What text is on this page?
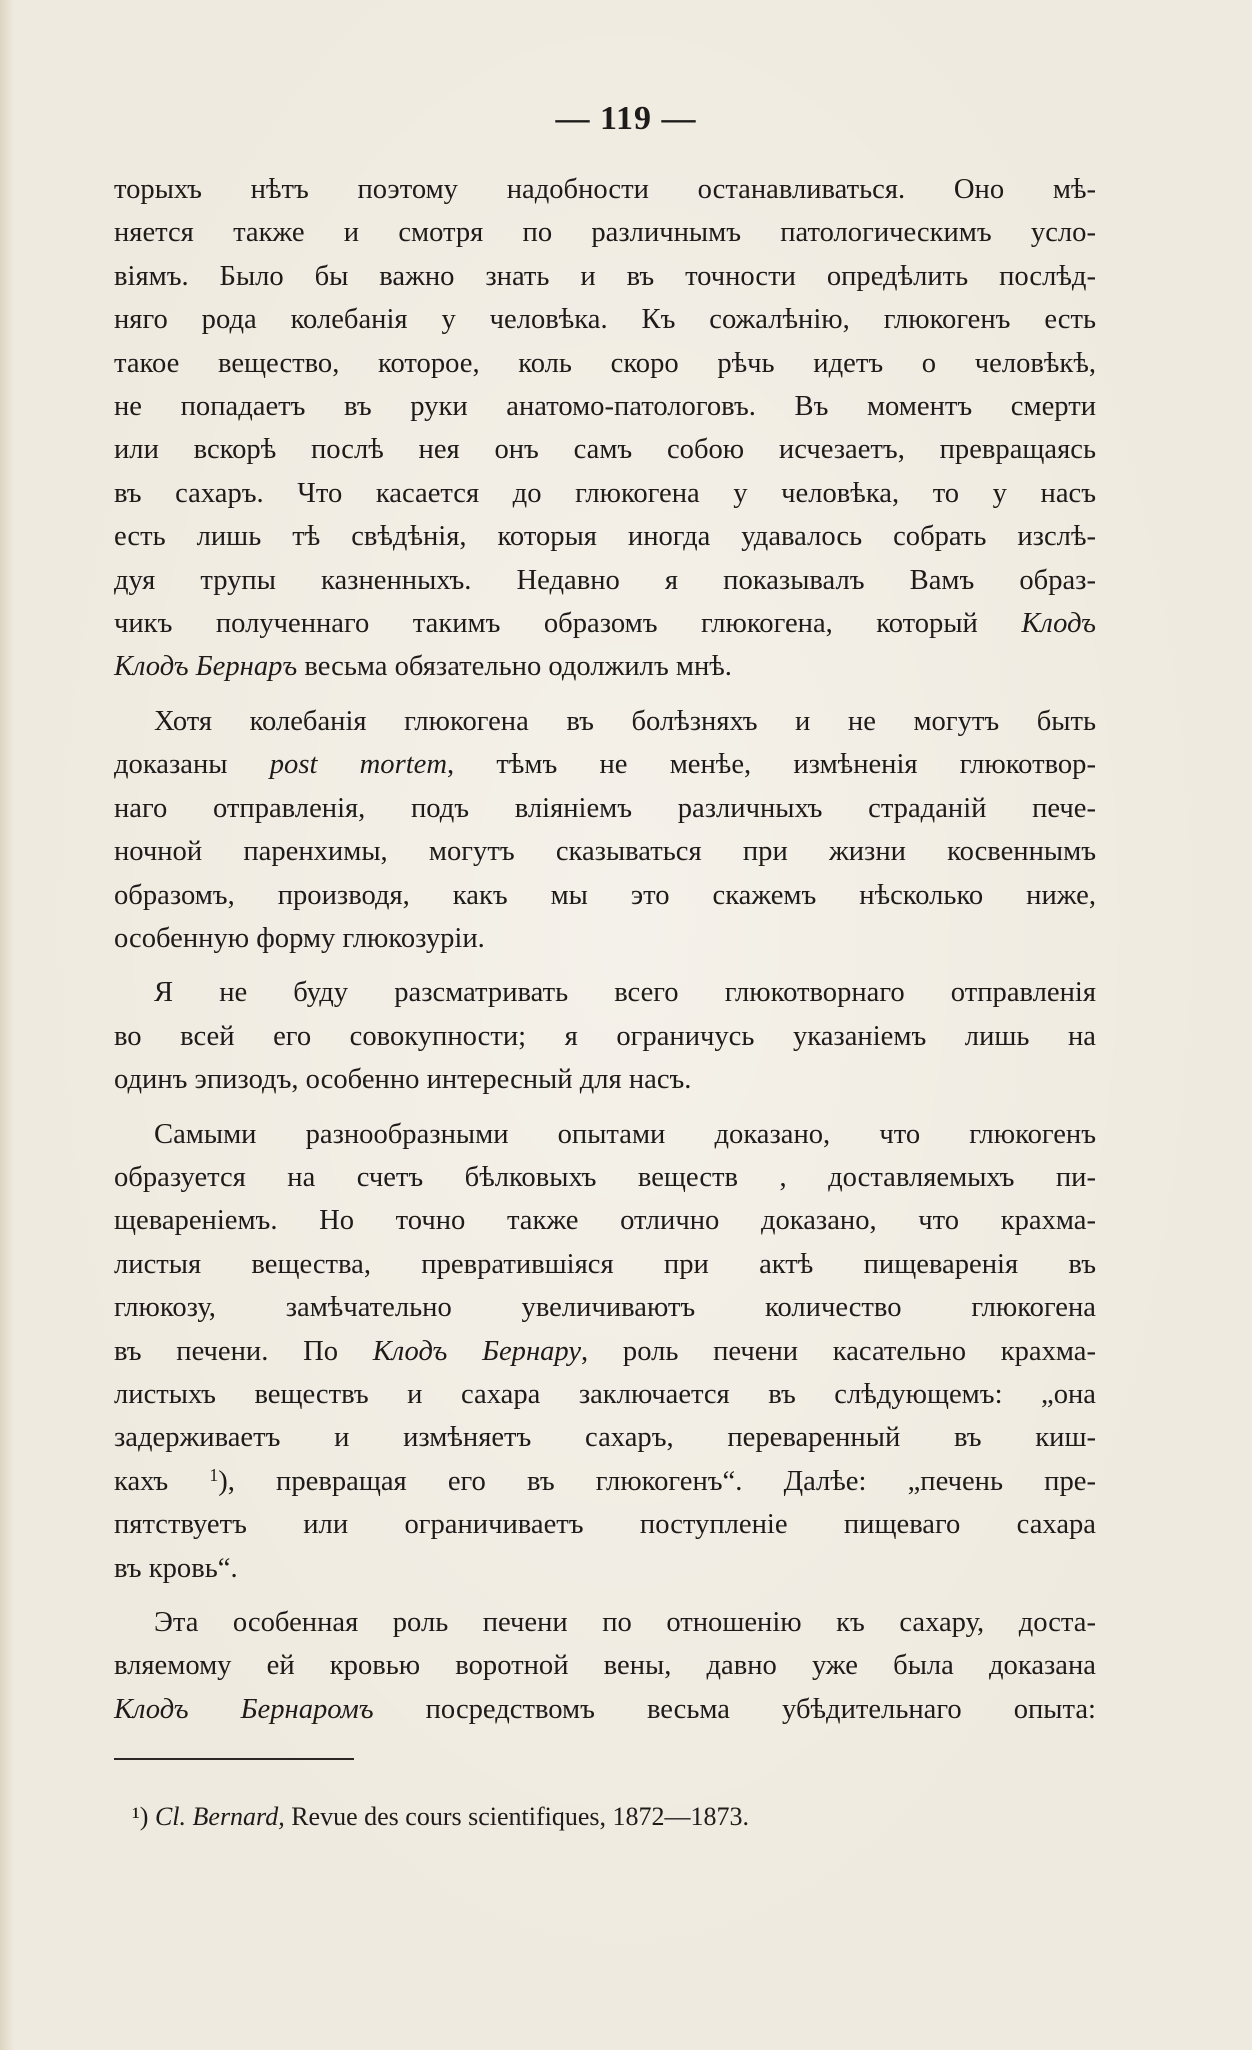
— 119 —
торыхъ нѣтъ поэтому надобности останавливаться. Оно мѣ-
няется также и смотря по различнымъ патологическимъ усло-
віямъ. Было бы важно знать и въ точности опредѣлить послѣд-
няго рода колебанія у человѣка. Къ сожалѣнію, глюкогенъ есть
такое вещество, которое, коль скоро рѣчь идетъ о человѣкѣ,
не попадаетъ въ руки анатомо-патологовъ. Въ моментъ смерти
или вскорѣ послѣ нея онъ самъ собою исчезаетъ, превращаясь
въ сахаръ. Что касается до глюкогена у человѣка, то у насъ
есть лишь тѣ свѣдѣнія, которыя иногда удавалось собрать изслѣ-
дуя трупы казненныхъ. Недавно я показывалъ Вамъ образ-
чикъ полученнаго такимъ образомъ глюкогена, который Клодъ
Клодъ Бернаръ весьма обязательно одолжилъ мнѣ.
Хотя колебанія глюкогена въ болѣзняхъ и не могутъ быть
доказаны post mortem, тѣмъ не менѣе, измѣненія глюкотвор-
наго отправленія, подъ вліяніемъ различныхъ страданій пече-
ночной паренхимы, могутъ сказываться при жизни косвеннымъ
образомъ, производя, какъ мы это скажемъ нѣсколько ниже,
особенную форму глюкозуріи.
Я не буду разсматривать всего глюкотворнаго отправленія
во всей его совокупности; я ограничусь указаніемъ лишь на
одинъ эпизодъ, особенно интересный для насъ.
Самыми разнообразными опытами доказано, что глюкогенъ
образуется на счетъ бѣлковыхъ веществ , доставляемыхъ пи-
щевареніемъ. Но точно также отлично доказано, что крахма-
листыя вещества, превратившіяся при актѣ пищеваренія въ
глюкозу, замѣчательно увеличиваютъ количество глюкогена
въ печени. По Клодъ Бернару, роль печени касательно крахма-
листыхъ веществъ и сахара заключается въ слѣдующемъ: „она
задерживаетъ и измѣняетъ сахаръ, переваренный въ киш-
кахъ $^1$), превращая его въ глюкогенъ“. Далѣе: „печень пре-
пятствуетъ или ограничиваетъ поступленіе пищеваго сахара
въ кровь“.
Эта особенная роль печени по отношенію къ сахару, доста-
вляемому ей кровью воротной вены, давно уже была доказана
Клодъ Бернаромъ посредствомъ весьма убѣдительнаго опыта:
¹) Cl. Bernard, Revue des cours scientifiques, 1872—1873.
